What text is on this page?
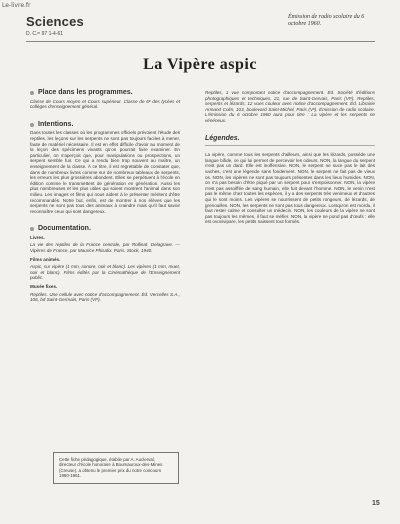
Le-livre.fr
Sciences
D. C.ᵐ 97 1-4-61
Émission de radio scolaire du 6 octobre 1960.
La Vipère aspic
Place dans les programmes.

Classe de Cours moyen et Cours supérieur. Classe de 6ᵉ des lycées et collèges d'enseignement général.

Intentions.

Dans toutes les classes où les programmes officiels prévoient l'étude des reptiles, les leçons sur les serpents ne sont pas toujours faciles à mener, faute de matériel nécessaire. Il est en effet difficile d'avoir au moment de la leçon des spécimens vivants qu'on pourrait faire examiner. En particulier, on s'aperçoit que, pour manipulations ou prospections, un serpent semble fuir. Ce qui a rendu bien trop souvent au maître, un enseignement de la classe. À ce titre, il est regrettable de constater que, dans de nombreux livres comme sur de nombreux tableaux de serpents, les erreurs les plus grossières abondent. Elles se perpétuent à l'école en édition comme le transmettent de génération en génération. Aussi les plus nombreuses et les plus utiles qui soient montrent l'animal dans son milieu. Les images et films qui nous aident à le présenter méritent d'être recommandés. Notre but, enfin, est de montrer à nos élèves que les serpents ne sont pas tous des animaux à craindre mais qu'il faut savoir reconnaître ceux qui sont dangereux.

Documentation.

Livres.

La vie des reptiles de la France centrale, par Rollinat. Delagrave. — Vipères de France, par Maurice Phisalix. Paris. Stock, 1940.

Films animés.

Aspic, sur vipère (1 mm, sonore, noir et blanc). Les vipères (1 mm, muet, noir et blanc). Films édités par la Cinémathèque de l'Enseignement public.

Musée fixes.

Reptiles. Une cellule avec notice d'accompagnement. Éd. Vercelles S.A., 106, bd Saint-Germain, Paris (VIᵉ).

Reptiles, 1 vue comportant notice d'accompagnement. Éd. Société d'éditions photographiques et techniques, 21, rue de Saint-Gervais, Paris (VIᵉ). Reptiles, serpents et lézards, 12 vues couleur avec notice d'accompagnement. Éd. Librairie Armand Colin, 103, boulevard Saint-Michel, Paris (Vᵉ). Émission de radio scolaire. L'émission du 6 octobre 1960 aura pour titre : La vipère et les serpents ne vénéneux.

Légendes.

La vipère, comme tous les serpents d'ailleurs, ainsi que les lézards, possède une langue bifide, ce qui lui permet de percevoir les odeurs. NON, la langue du serpent n'est pas un dard. Elle est inoffensive. NON, le serpent ne suce pas le lait des vaches, c'est une légende sans fondement. NON, le serpent ne fait pas de vieux os. NON, les vipères ne sont pas toujours présentes dans les lieux humides. NON, on n'a pas besoin d'être piqué par un serpent pour s'empoisonner. NON, la vipère n'est pas assoiffée de sang humain, elle fuit devant l'homme. NON, le venin n'est pas le même chez toutes les espèces, il y a des serpents très venimeux et d'autres qui le sont moins. Les vipères se nourrissent de petits rongeurs, de lézards, de grenouilles. NON, les serpents ne sont pas tous dangereux. Lorsqu'on est mordu, il faut rester calme et consulter un médecin. NON, les couleurs de la vipère ne sont pas toujours les mêmes, il faut se méfier. NON, la vipère ne pond pas d'œufs : elle est ovovivipare, les petits naissent tout formés.

Cette fiche pédagogique, établie par A. Auclerval, directeur d'école honoraire à Boumauroux-des-Mines (Creuse), a obtenu le premier prix du notre concours 1960-1961.
15
